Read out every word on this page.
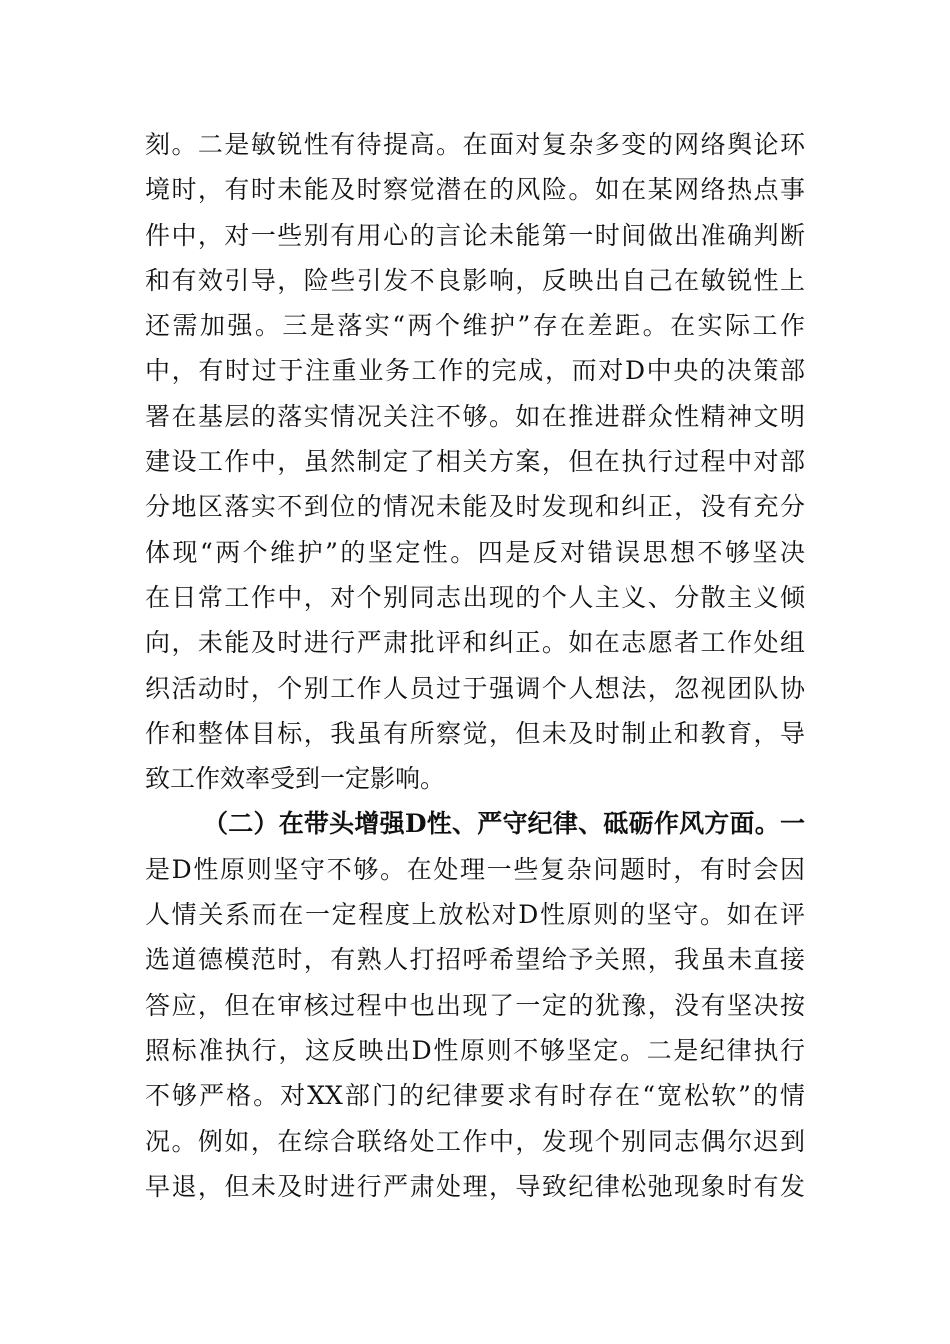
刻。二是敏锐性有待提高。在面对复杂多变的网络舆论环
境时，有时未能及时察觉潜在的风险。如在某网络热点事
件中，对一些别有用心的言论未能第一时间做出准确判断
和有效引导，险些引发不良影响，反映出自己在敏锐性上
还需加强。三是落实“两个维护”存在差距。在实际工作
中，有时过于注重业务工作的完成，而对D中央的决策部
署在基层的落实情况关注不够。如在推进群众性精神文明
建设工作中，虽然制定了相关方案，但在执行过程中对部
分地区落实不到位的情况未能及时发现和纠正，没有充分
体现“两个维护”的坚定性。四是反对错误思想不够坚决
在日常工作中，对个别同志出现的个人主义、分散主义倾
向，未能及时进行严肃批评和纠正。如在志愿者工作处组
织活动时，个别工作人员过于强调个人想法，忽视团队协
作和整体目标，我虽有所察觉，但未及时制止和教育，导
致工作效率受到一定影响。
（二）在带头增强D性、严守纪律、砥砺作风方面。一
是D性原则坚守不够。在处理一些复杂问题时，有时会因
人情关系而在一定程度上放松对D性原则的坚守。如在评
选道德模范时，有熟人打招呼希望给予关照，我虽未直接
答应，但在审核过程中也出现了一定的犹豫，没有坚决按
照标准执行，这反映出D性原则不够坚定。二是纪律执行
不够严格。对XX部门的纪律要求有时存在“宽松软”的情
况。例如，在综合联络处工作中，发现个别同志偶尔迟到
早退，但未及时进行严肃处理，导致纪律松弛现象时有发
